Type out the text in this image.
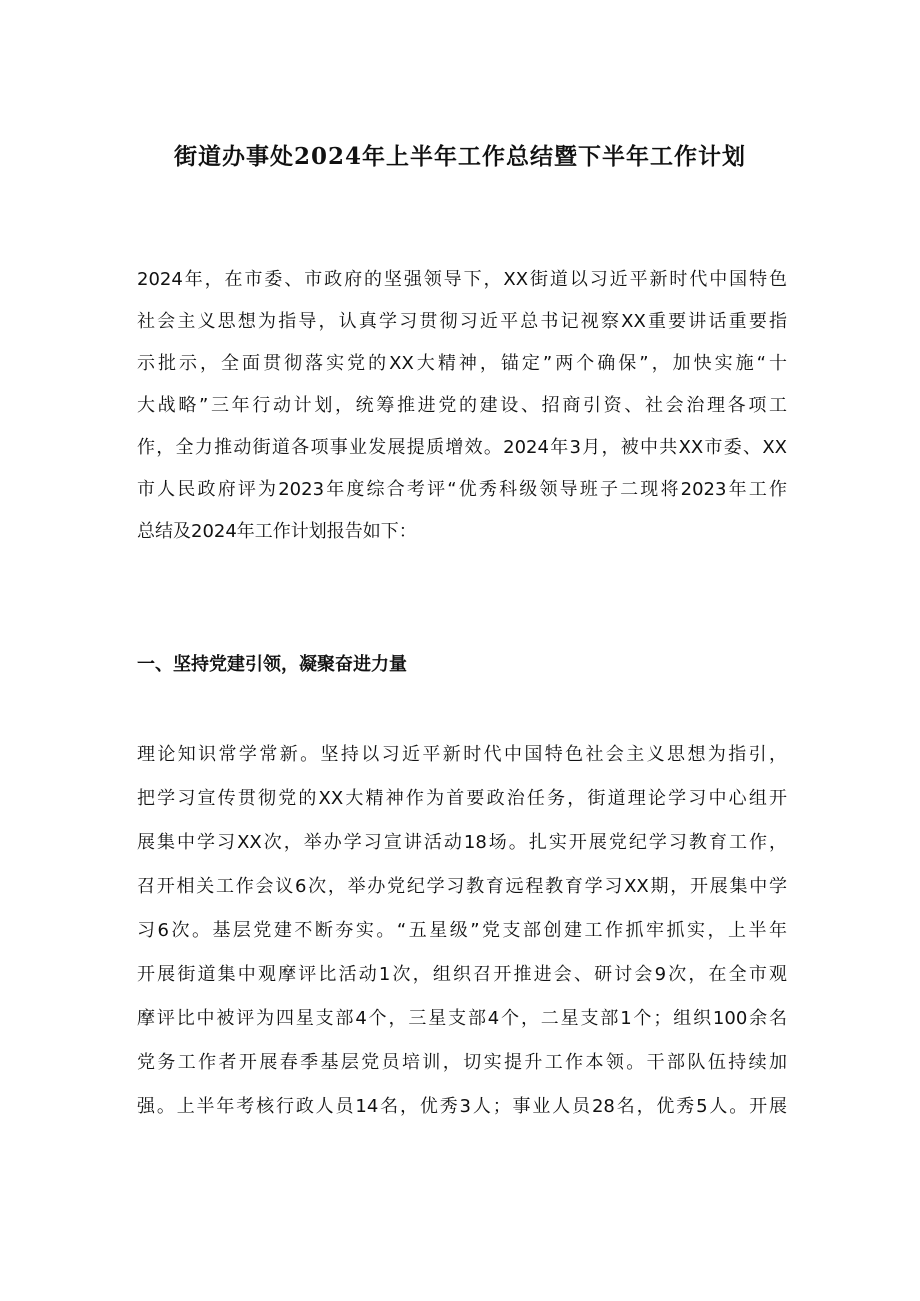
街道办事处2024年上半年工作总结暨下半年工作计划

2024年，在市委、市政府的坚强领导下，XX街道以习近平新时代中国特色

社会主义思想为指导，认真学习贯彻习近平总书记视察XX重要讲话重要指

示批示，全面贯彻落实党的XX大精神，锚定”两个确保”，加快实施“十

大战略”三年行动计划，统筹推进党的建设、招商引资、社会治理各项工

作，全力推动街道各项事业发展提质增效。2024年3月，被中共XX市委、XX

市人民政府评为2023年度综合考评“优秀科级领导班子二现将2023年工作

总结及2024年工作计划报告如下：

一、坚持党建引领，凝聚奋进力量

理论知识常学常新。坚持以习近平新时代中国特色社会主义思想为指引，

把学习宣传贯彻党的XX大精神作为首要政治任务，街道理论学习中心组开

展集中学习XX次，举办学习宣讲活动18场。扎实开展党纪学习教育工作，

召开相关工作会议6次，举办党纪学习教育远程教育学习XX期，开展集中学

习6次。基层党建不断夯实。“五星级”党支部创建工作抓牢抓实，上半年

开展街道集中观摩评比活动1次，组织召开推进会、研讨会9次，在全市观

摩评比中被评为四星支部4个，三星支部4个，二星支部1个；组织100余名

党务工作者开展春季基层党员培训，切实提升工作本领。干部队伍持续加

强。上半年考核行政人员14名，优秀3人；事业人员28名，优秀5人。开展
